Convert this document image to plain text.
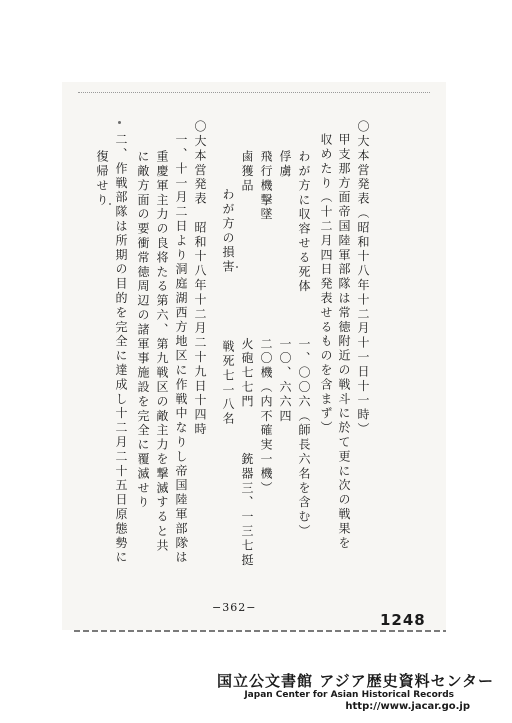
〇大本営発表（昭和十八年十二月十一日十一時）
甲支那方面帝国陸軍部隊は常徳附近の戦斗に於て更に次の戦果を
収めたり（十二月四日発表せるものを含まず）
わが方に収容せる死体　　　一、〇〇六（師長六名を含む）
俘虜　　　　　　　　　　　一〇、六六四
飛行機撃墜　　　　　　　　二〇機（内不確実一機）
鹵獲品　　　　　　　　　　火砲七七門　　　銃器三、一三七挺
わが方の損害
戦死七一八名
〇大本営発表　昭和十八年十二月二十九日十四時
一、十一月二日より洞庭湖西方地区に作戦中なりし帝国陸軍部隊は
重慶軍主力の良将たる第六、第九戦区の敵主力を撃滅すると共
に敵方面の要衝常徳周辺の諸軍事施設を完全に覆滅せり
二、作戦部隊は所期の目的を完全に達成し十二月二十五日原態勢に
復帰せり
−362−
1248
国立公文書館 アジア歴史資料センター
Japan Center for Asian Historical Records
http://www.jacar.go.jp
